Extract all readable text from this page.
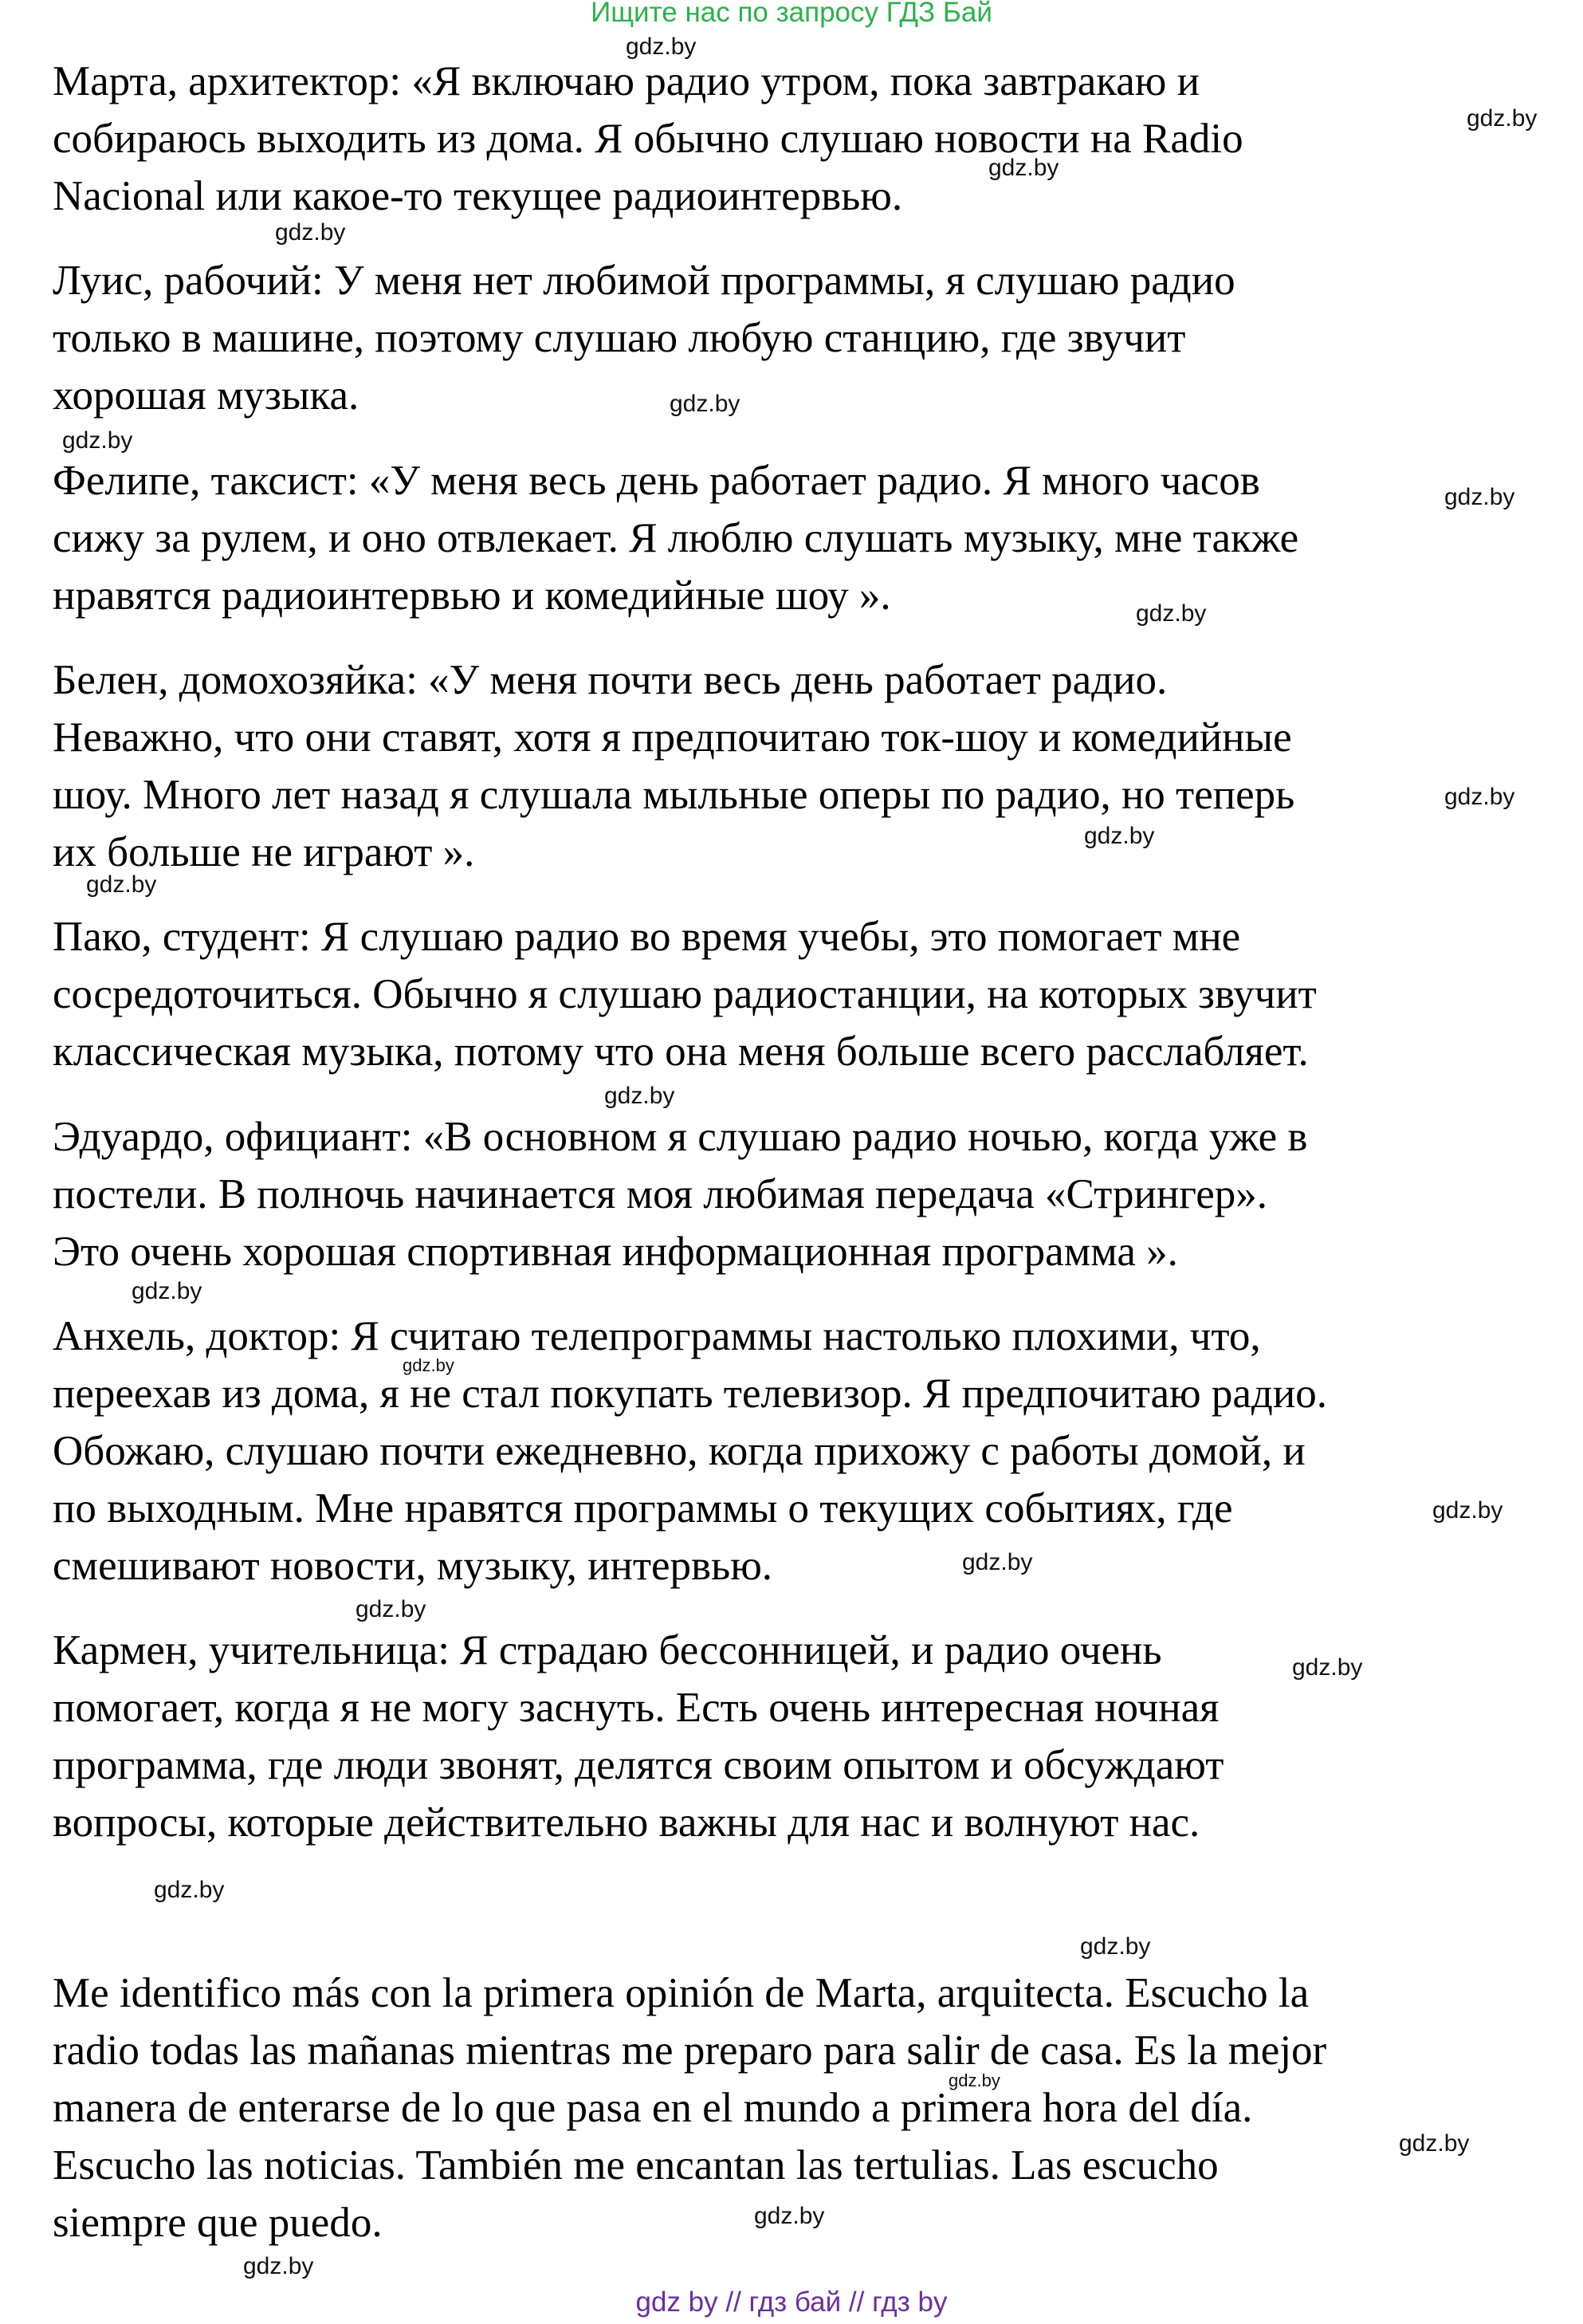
Ищите нас по запросу ГДЗ Бай
Марта, архитектор: «Я включаю радио утром, пока завтракаю и
собираюсь выходить из дома. Я обычно слушаю новости на Radio
Nacional или какое-то текущее радиоинтервью.
Луис, рабочий: У меня нет любимой программы, я слушаю радио
только в машине, поэтому слушаю любую станцию, где звучит
хорошая музыка.
Фелипе, таксист: «У меня весь день работает радио. Я много часов
сижу за рулем, и оно отвлекает. Я люблю слушать музыку, мне также
нравятся радиоинтервью и комедийные шоу ».
Белен, домохозяйка: «У меня почти весь день работает радио.
Неважно, что они ставят, хотя я предпочитаю ток-шоу и комедийные
шоу. Много лет назад я слушала мыльные оперы по радио, но теперь
их больше не играют ».
Пако, студент: Я слушаю радио во время учебы, это помогает мне
сосредоточиться. Обычно я слушаю радиостанции, на которых звучит
классическая музыка, потому что она меня больше всего расслабляет.
Эдуардо, официант: «В основном я слушаю радио ночью, когда уже в
постели. В полночь начинается моя любимая передача «Стрингер».
Это очень хорошая спортивная информационная программа ».
Анхель, доктор: Я считаю телепрограммы настолько плохими, что,
переехав из дома, я не стал покупать телевизор. Я предпочитаю радио.
Обожаю, слушаю почти ежедневно, когда прихожу с работы домой, и
по выходным. Мне нравятся программы о текущих событиях, где
смешивают новости, музыку, интервью.
Кармен, учительница: Я страдаю бессонницей, и радио очень
помогает, когда я не могу заснуть. Есть очень интересная ночная
программа, где люди звонят, делятся своим опытом и обсуждают
вопросы, которые действительно важны для нас и волнуют нас.
Me identifico más con la primera opinión de Marta, arquitecta. Escucho la
radio todas las mañanas mientras me preparo para salir de casa. Es la mejor
manera de enterarse de lo que pasa en el mundo a primera hora del día.
Escucho las noticias. También me encantan las tertulias. Las escucho
siempre que puedo.
gdz.by
gdz.by
gdz.by
gdz.by
gdz.by
gdz.by
gdz.by
gdz.by
gdz.by
gdz.by
gdz.by
gdz.by
gdz.by
gdz.by
gdz.by
gdz.by
gdz.by
gdz.by
gdz.by
gdz.by
gdz.by
gdz.by
gdz.by
gdz.by
gdz by // гдз бай // гдз by
